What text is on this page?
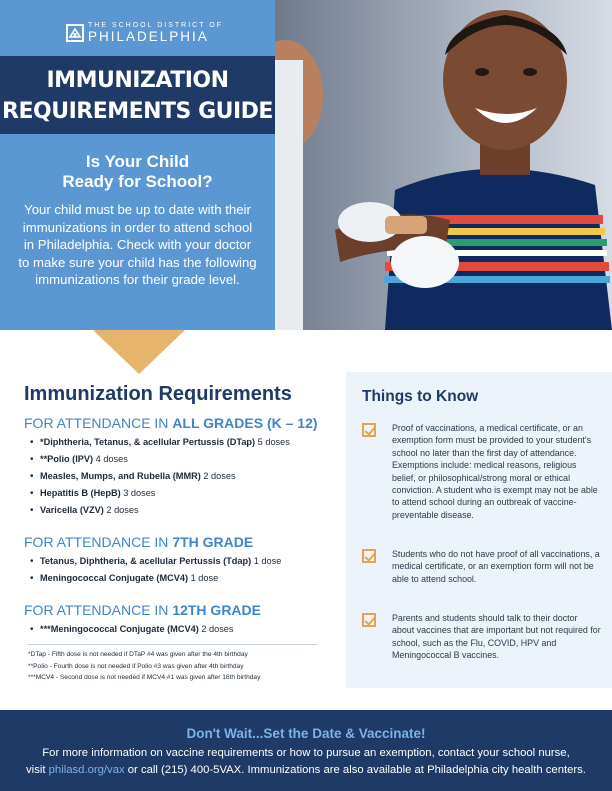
THE SCHOOL DISTRICT OF
PHILADELPHIA
IMMUNIZATION
REQUIREMENTS GUIDE
Is Your Child
Ready for School?

Your child must be up to date with their immunizations in order to attend school in Philadelphia. Check with your doctor to make sure your child has the following immunizations for their grade level.

Immunization Requirements
FOR ATTENDANCE IN ALL GRADES (K – 12)
• *Diphtheria, Tetanus, & acellular Pertussis (DTap) 5 doses
• **Polio (IPV) 4 doses
• Measles, Mumps, and Rubella (MMR) 2 doses
• Hepatitis B (HepB) 3 doses
• Varicella (VZV) 2 doses
FOR ATTENDANCE IN 7TH GRADE
• Tetanus, Diphtheria, & acellular Pertussis (Tdap) 1 dose
• Meningococcal Conjugate (MCV4) 1 dose
FOR ATTENDANCE IN 12TH GRADE
• ***Meningococcal Conjugate (MCV4) 2 doses
*DTap - Fifth dose is not needed if DTaP #4 was given after the 4th birthday
**Polio - Fourth dose is not needed if Polio #3 was given after 4th birthday
***MCV4 - Second dose is not needed if MCV4 #1 was given after 16th birthday
Things to Know

Proof of vaccinations, a medical certificate, or an exemption form must be provided to your student's school no later than the first day of attendance. Exemptions include: medical reasons, religious belief, or philosophical/strong moral or ethical conviction. A student who is exempt may not be able to attend school during an outbreak of vaccine-preventable disease.

Students who do not have proof of all vaccinations, a medical certificate, or an exemption form will not be able to attend school.

Parents and students should talk to their doctor about vaccines that are important but not required for school, such as the Flu, COVID, HPV and Meningococcal B vaccines.

Don't Wait...Set the Date & Vaccinate!

For more information on vaccine requirements or how to pursue an exemption, contact your school nurse,
visit philasd.org/vax or call (215) 400-5VAX. Immunizations are also available at Philadelphia city health centers.
